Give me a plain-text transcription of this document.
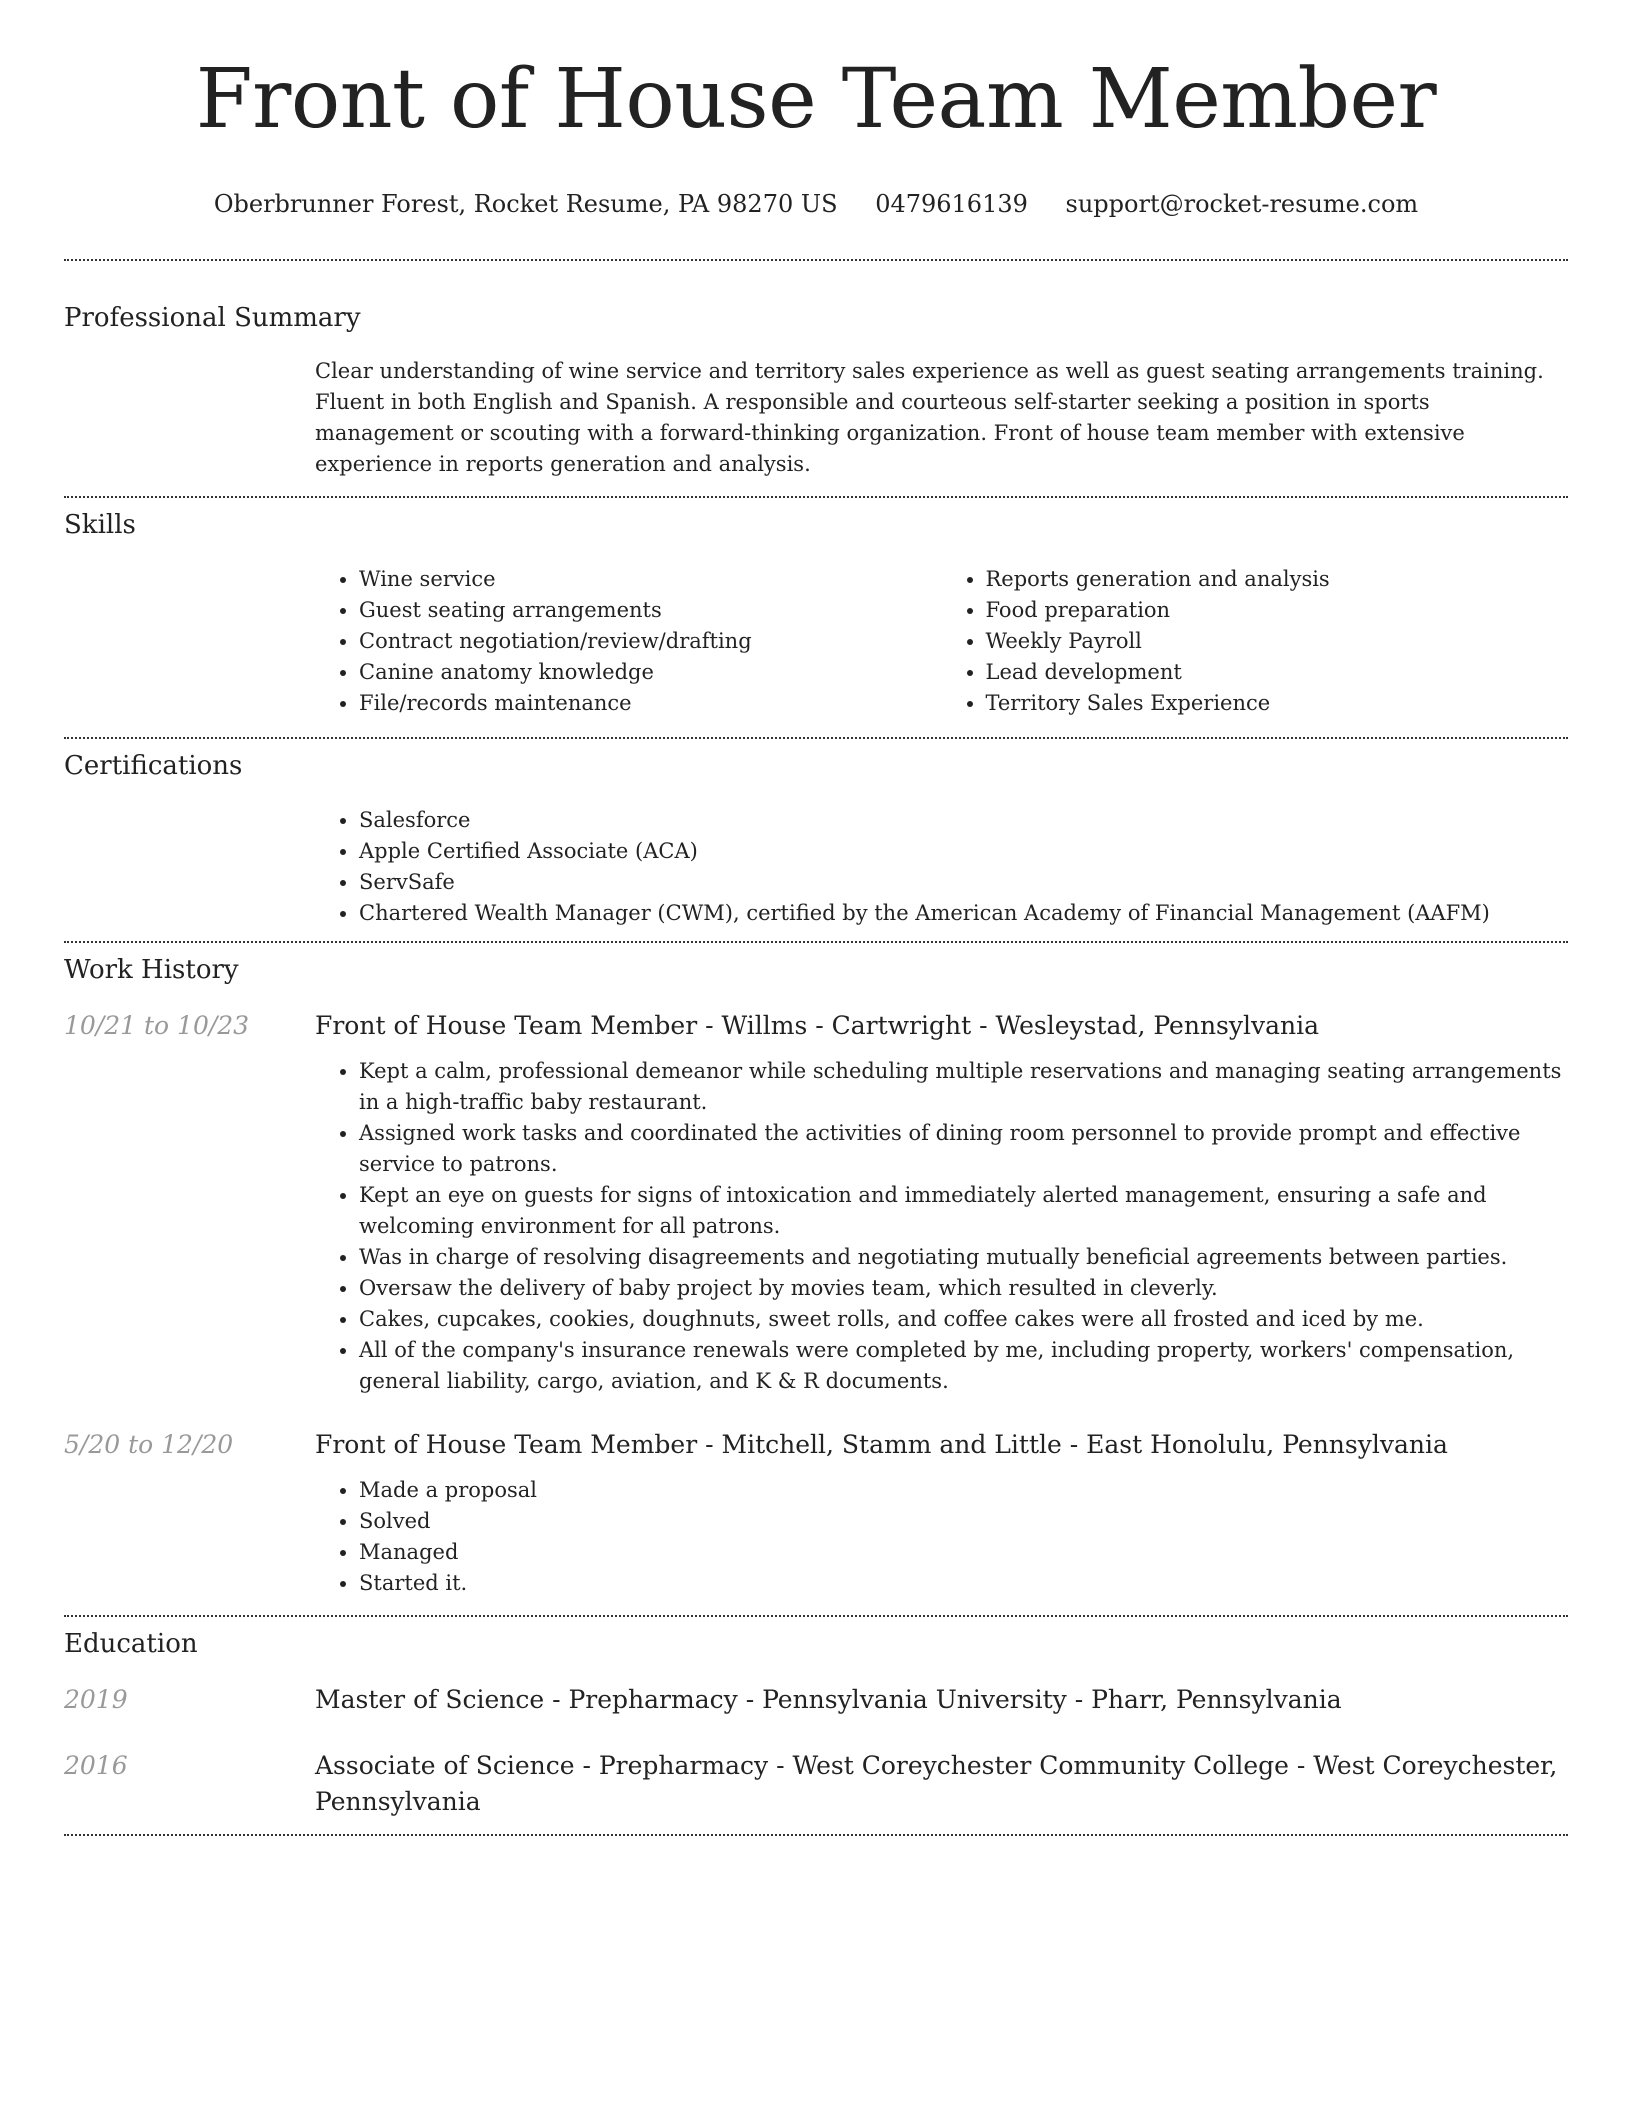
Front of House Team Member
Oberbrunner Forest, Rocket Resume, PA 98270 US 0479616139 support@rocket-resume.com
Professional Summary
Clear understanding of wine service and territory sales experience as well as guest seating arrangements training. Fluent in both English and Spanish. A responsible and courteous self-starter seeking a position in sports management or scouting with a forward-thinking organization. Front of house team member with extensive experience in reports generation and analysis.
Skills
• Wine service
• Guest seating arrangements
• Contract negotiation/review/drafting
• Canine anatomy knowledge
• File/records maintenance
• Reports generation and analysis
• Food preparation
• Weekly Payroll
• Lead development
• Territory Sales Experience
Certifications
• Salesforce
• Apple Certified Associate (ACA)
• ServSafe
• Chartered Wealth Manager (CWM), certified by the American Academy of Financial Management (AAFM)
Work History
10/21 to 10/23	Front of House Team Member - Willms - Cartwright - Wesleystad, Pennsylvania
• Kept a calm, professional demeanor while scheduling multiple reservations and managing seating arrangements in a high-traffic baby restaurant.
• Assigned work tasks and coordinated the activities of dining room personnel to provide prompt and effective service to patrons.
• Kept an eye on guests for signs of intoxication and immediately alerted management, ensuring a safe and welcoming environment for all patrons.
• Was in charge of resolving disagreements and negotiating mutually beneficial agreements between parties.
• Oversaw the delivery of baby project by movies team, which resulted in cleverly.
• Cakes, cupcakes, cookies, doughnuts, sweet rolls, and coffee cakes were all frosted and iced by me.
• All of the company's insurance renewals were completed by me, including property, workers' compensation, general liability, cargo, aviation, and K & R documents.
5/20 to 12/20	Front of House Team Member - Mitchell, Stamm and Little - East Honolulu, Pennsylvania
• Made a proposal
• Solved
• Managed
• Started it.
Education
2019	Master of Science - Prepharmacy - Pennsylvania University - Pharr, Pennsylvania
2016	Associate of Science - Prepharmacy - West Coreychester Community College - West Coreychester, Pennsylvania
